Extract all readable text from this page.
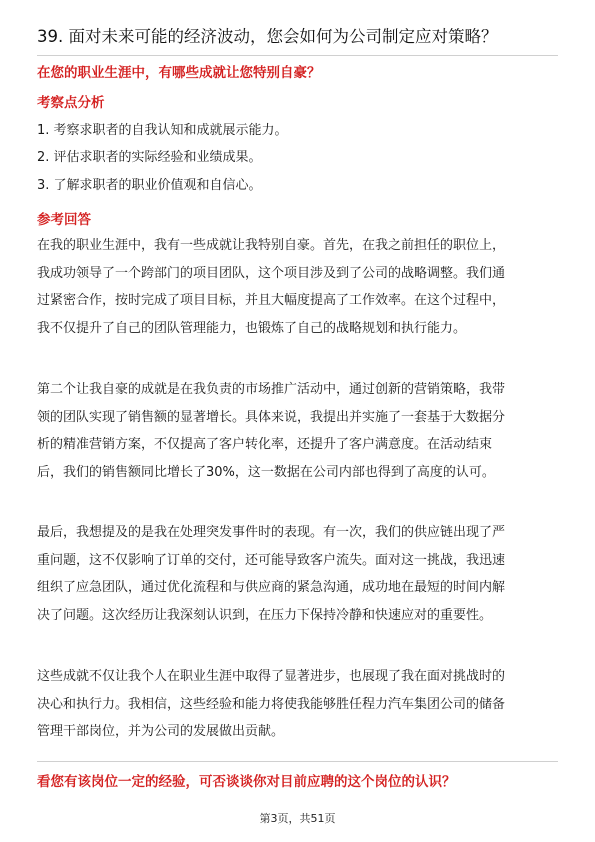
39. 面对未来可能的经济波动，您会如何为公司制定应对策略？
在您的职业生涯中，有哪些成就让您特别自豪？
考察点分析
1. 考察求职者的自我认知和成就展示能力。
2. 评估求职者的实际经验和业绩成果。
3. 了解求职者的职业价值观和自信心。
参考回答
在我的职业生涯中，我有一些成就让我特别自豪。首先，在我之前担任的职位上，
我成功领导了一个跨部门的项目团队，这个项目涉及到了公司的战略调整。我们通
过紧密合作，按时完成了项目目标，并且大幅度提高了工作效率。在这个过程中，
我不仅提升了自己的团队管理能力，也锻炼了自己的战略规划和执行能力。
第二个让我自豪的成就是在我负责的市场推广活动中，通过创新的营销策略，我带
领的团队实现了销售额的显著增长。具体来说，我提出并实施了一套基于大数据分
析的精准营销方案，不仅提高了客户转化率，还提升了客户满意度。在活动结束
后，我们的销售额同比增长了30%，这一数据在公司内部也得到了高度的认可。
最后，我想提及的是我在处理突发事件时的表现。有一次，我们的供应链出现了严
重问题，这不仅影响了订单的交付，还可能导致客户流失。面对这一挑战，我迅速
组织了应急团队，通过优化流程和与供应商的紧急沟通，成功地在最短的时间内解
决了问题。这次经历让我深刻认识到，在压力下保持冷静和快速应对的重要性。
这些成就不仅让我个人在职业生涯中取得了显著进步，也展现了我在面对挑战时的
决心和执行力。我相信，这些经验和能力将使我能够胜任程力汽车集团公司的储备
管理干部岗位，并为公司的发展做出贡献。
看您有该岗位一定的经验，可否谈谈你对目前应聘的这个岗位的认识？
第3页，共51页
